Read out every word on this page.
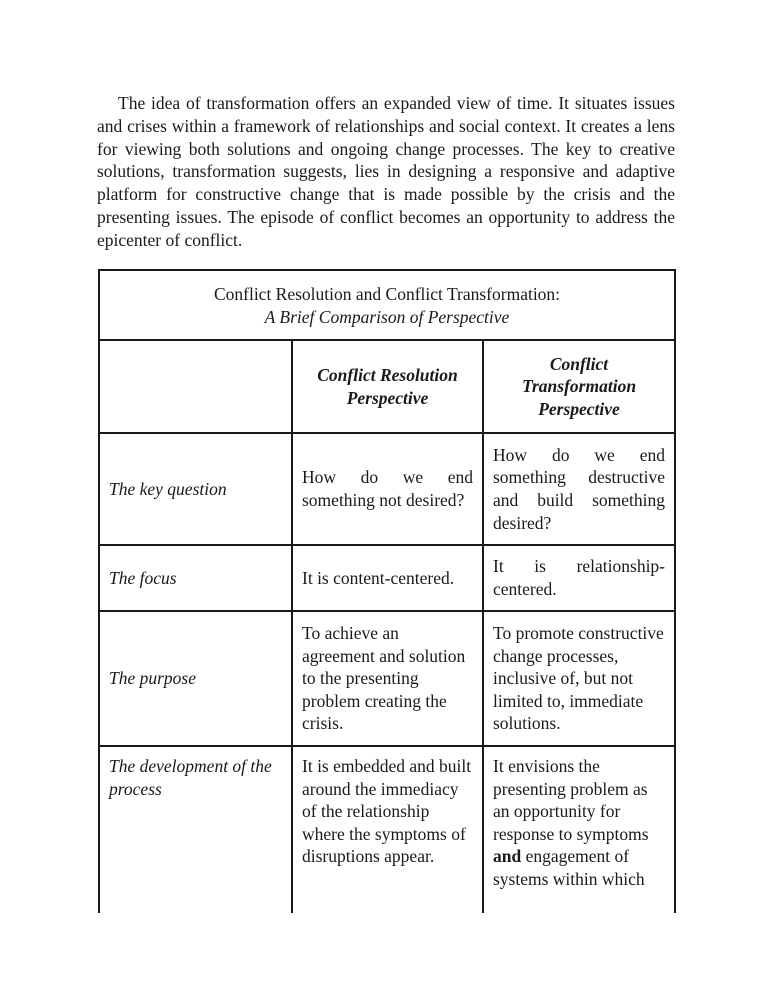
The idea of transformation offers an expanded view of time. It situates issues and crises within a framework of relationships and social context. It creates a lens for viewing both solutions and ongoing change processes. The key to creative solutions, transformation suggests, lies in designing a responsive and adaptive platform for constructive change that is made possible by the crisis and the presenting issues. The episode of conflict becomes an opportunity to address the epicenter of conflict.

Conflict Resolution and Conflict Transformation:
A Brief Comparison of Perspective		

	Conflict Resolution Perspective	Conflict Transformation Perspective

The key question	How do we end something not desired?	How do we end something destructive and build something desired?
The focus	It is content-centered.	It is relationship-centered.
The purpose	To achieve an agreement and solution to the presenting problem creating the crisis.	To promote constructive change processes, inclusive of, but not limited to, immediate solutions.
The development of the process	It is embedded and built around the immediacy of the relationship where the symptoms of disruptions appear.	It envisions the presenting problem as an opportunity for response to symptoms and engagement of systems within which
